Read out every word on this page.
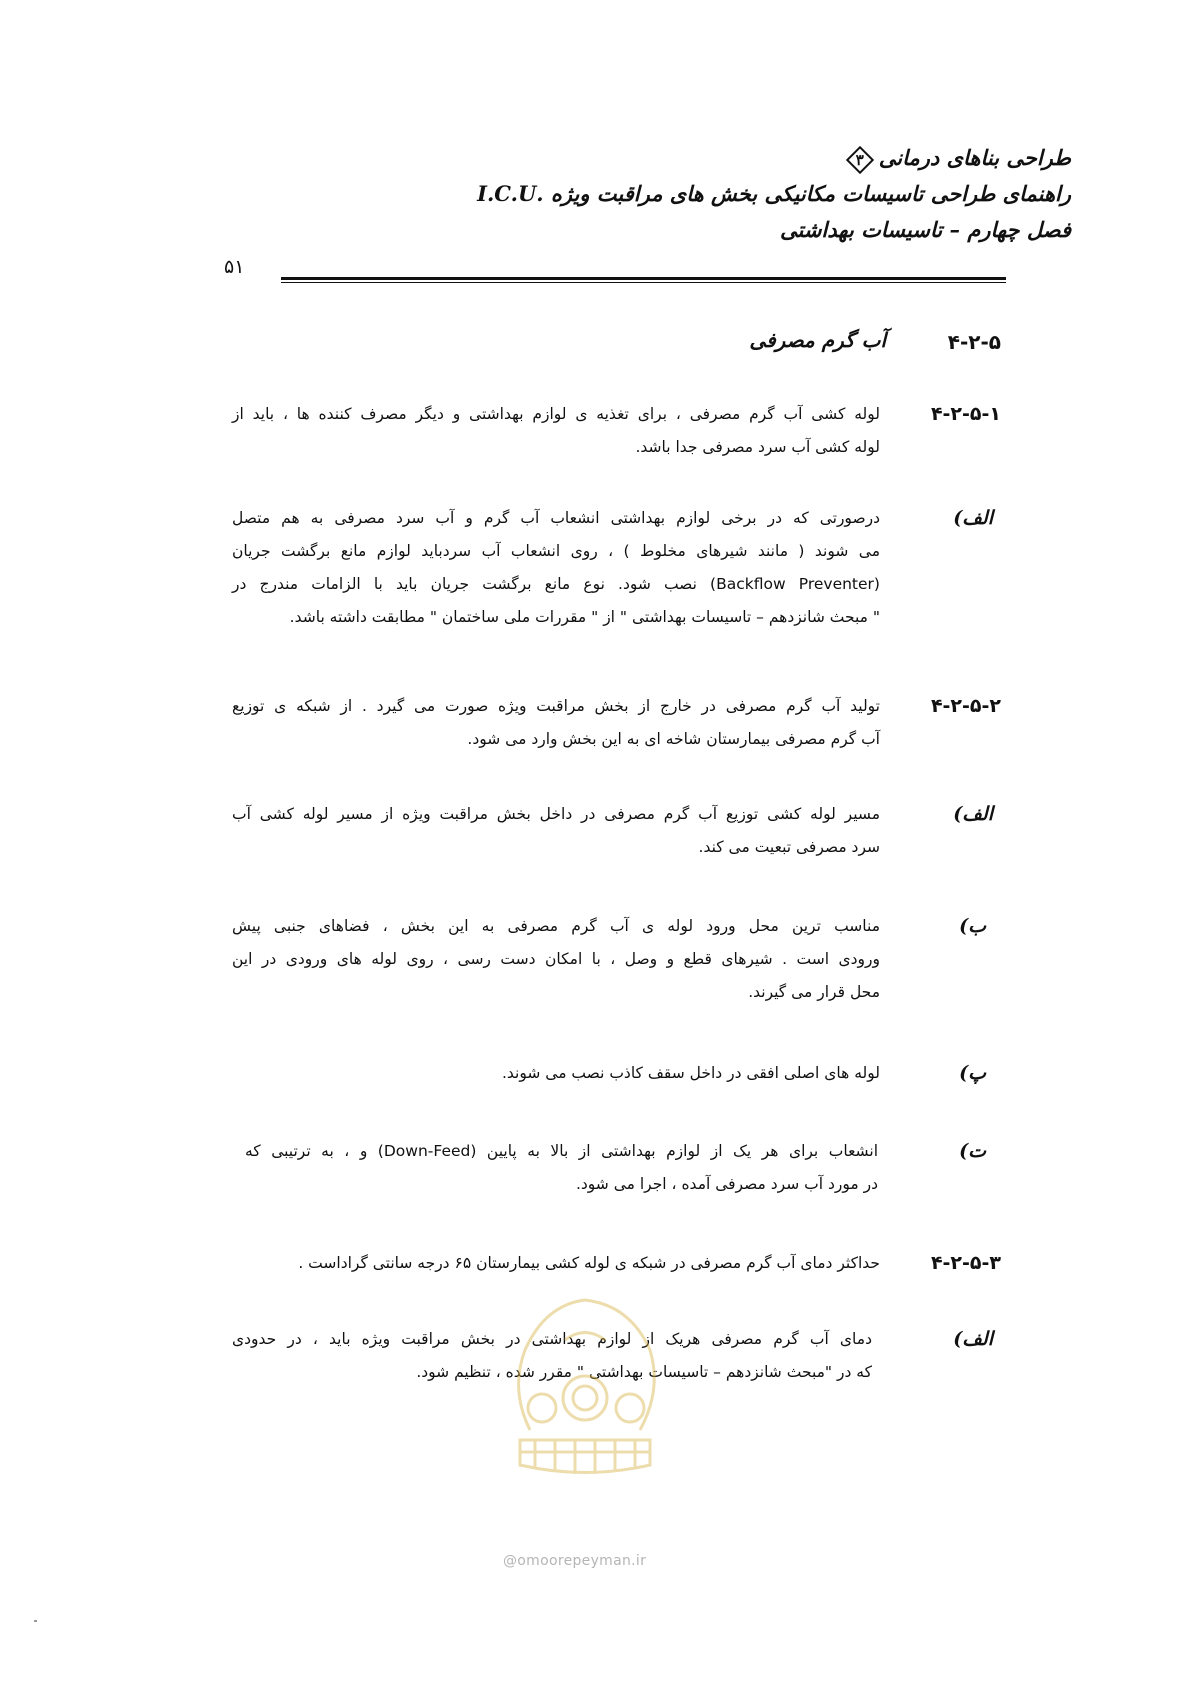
طراحی بناهای درمانی
۳
راهنمای طراحی تاسیسات مکانیکی بخش های مراقبت ویژه .I.C.U
فصل چهارم – تاسیسات بهداشتی
۵۱
۴-۲-۵
آب گرم مصرفی
۴-۲-۵-۱
لوله کشی آب گرم مصرفی ، برای تغذیه ی لوازم بهداشتی و دیگر مصرف کننده ها ، باید از
لوله کشی آب سرد مصرفی جدا باشد.
الف)
درصورتی که در برخی لوازم بهداشتی انشعاب آب گرم و آب سرد مصرفی به هم متصل
می شوند ( مانند شیرهای مخلوط ) ، روی انشعاب آب سردباید لوازم مانع برگشت جریان
(Backflow Preventer) نصب شود. نوع مانع برگشت جریان باید با الزامات مندرج در
" مبحث شانزدهم – تاسیسات بهداشتی " از " مقررات ملی ساختمان " مطابقت داشته باشد.
۴-۲-۵-۲
تولید آب گرم مصرفی در خارج از بخش مراقبت ویژه صورت می گیرد . از شبکه ی توزیع
آب گرم مصرفی بیمارستان شاخه ای به این بخش وارد می شود.
الف)
مسیر لوله کشی توزیع آب گرم مصرفی در داخل بخش مراقبت ویژه از مسیر لوله کشی آب
سرد مصرفی تبعیت می کند.
ب)
مناسب ترین محل ورود لوله ی آب گرم مصرفی به این بخش ، فضاهای جنبی پیش
ورودی است . شیرهای قطع و وصل ، با امکان دست رسی ، روی لوله های ورودی در این
محل قرار می گیرند.
پ)
لوله های اصلی افقی در داخل سقف کاذب نصب می شوند.
ت)
انشعاب برای هر یک از لوازم بهداشتی از بالا به پایین (Down-Feed) و ، به ترتیبی که
در مورد آب سرد مصرفی آمده ، اجرا می شود.
۴-۲-۵-۳
حداکثر دمای آب گرم مصرفی در شبکه ی لوله کشی بیمارستان ۶۵ درجه سانتی گراداست .
الف)
دمای آب گرم مصرفی هریک از لوازم بهداشتی در بخش مراقبت ویژه باید ، در حدودی
که در "مبحث شانزدهم – تاسیسات بهداشتی " مقرر شده ، تنظیم شود.
@omoorepeyman.ir
